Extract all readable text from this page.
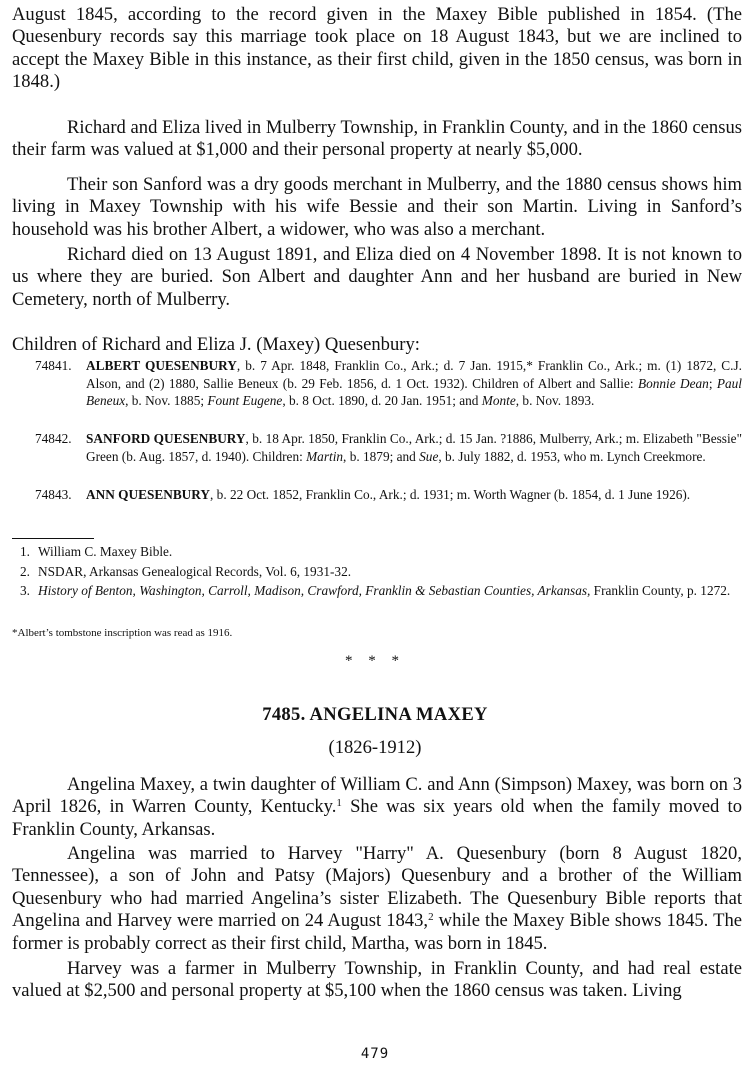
August 1845, according to the record given in the Maxey Bible published in 1854. (The Quesenbury records say this marriage took place on 18 August 1843, but we are inclined to accept the Maxey Bible in this instance, as their first child, given in the 1850 census, was born in 1848.)

Richard and Eliza lived in Mulberry Township, in Franklin County, and in the 1860 census their farm was valued at $1,000 and their personal property at nearly $5,000.

Their son Sanford was a dry goods merchant in Mulberry, and the 1880 census shows him living in Maxey Township with his wife Bessie and their son Martin. Living in Sanford’s household was his brother Albert, a widower, who was also a merchant.

Richard died on 13 August 1891, and Eliza died on 4 November 1898. It is not known to us where they are buried. Son Albert and daughter Ann and her husband are buried in New Cemetery, north of Mulberry.

Children of Richard and Eliza J. (Maxey) Quesenbury:

74841. ALBERT QUESENBURY, b. 7 Apr. 1848, Franklin Co., Ark.; d. 7 Jan. 1915,* Franklin Co., Ark.; m. (1) 1872, C.J. Alson, and (2) 1880, Sallie Beneux (b. 29 Feb. 1856, d. 1 Oct. 1932). Children of Albert and Sallie: Bonnie Dean; Paul Beneux, b. Nov. 1885; Fount Eugene, b. 8 Oct. 1890, d. 20 Jan. 1951; and Monte, b. Nov. 1893.

74842. SANFORD QUESENBURY, b. 18 Apr. 1850, Franklin Co., Ark.; d. 15 Jan. ?1886, Mulberry, Ark.; m. Elizabeth "Bessie" Green (b. Aug. 1857, d. 1940). Children: Martin, b. 1879; and Sue, b. July 1882, d. 1953, who m. Lynch Creekmore.

74843. ANN QUESENBURY, b. 22 Oct. 1852, Franklin Co., Ark.; d. 1931; m. Worth Wagner (b. 1854, d. 1 June 1926).

1. William C. Maxey Bible.

2. NSDAR, Arkansas Genealogical Records, Vol. 6, 1931-32.

3. History of Benton, Washington, Carroll, Madison, Crawford, Franklin & Sebastian Counties, Arkansas, Franklin County, p. 1272.

*Albert’s tombstone inscription was read as 1916.
* * *
7485. ANGELINA MAXEY
(1826-1912)

Angelina Maxey, a twin daughter of William C. and Ann (Simpson) Maxey, was born on 3 April 1826, in Warren County, Kentucky.$^1$ She was six years old when the family moved to Franklin County, Arkansas.

Angelina was married to Harvey "Harry" A. Quesenbury (born 8 August 1820, Tennessee), a son of John and Patsy (Majors) Quesenbury and a brother of the William Quesenbury who had married Angelina’s sister Elizabeth. The Quesenbury Bible reports that Angelina and Harvey were married on 24 August 1843,$^2$ while the Maxey Bible shows 1845. The former is probably correct as their first child, Martha, was born in 1845.

Harvey was a farmer in Mulberry Township, in Franklin County, and had real estate valued at $2,500 and personal property at $5,100 when the 1860 census was taken. Living

479
